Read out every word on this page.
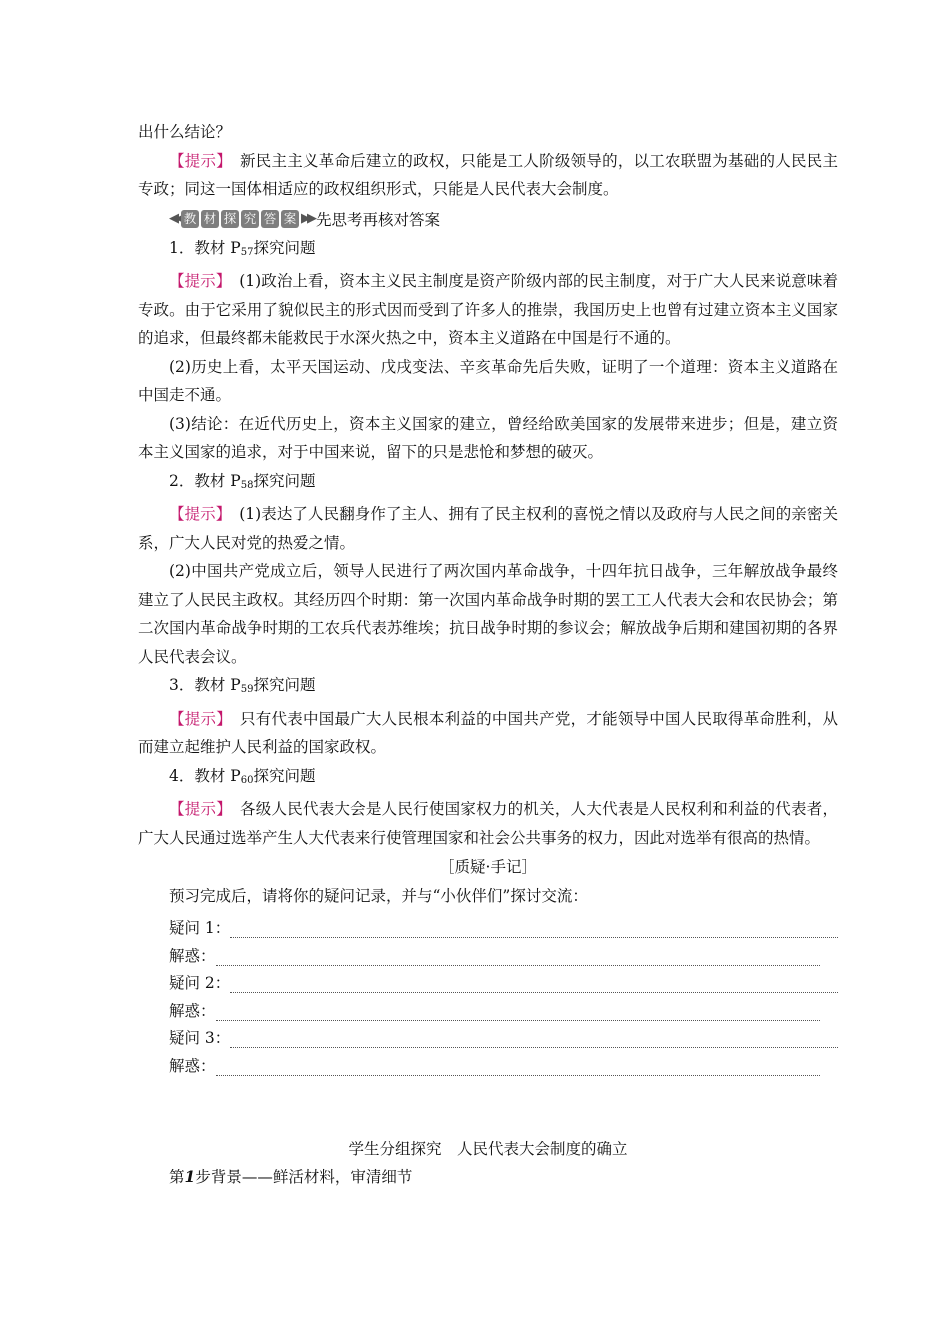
出什么结论？

【提示】　 新民主主义革命后建立的政权，只能是工人阶级领导的，以工农联盟为基础的人民民主专政；同这一国体相适应的政权组织形式，只能是人民代表大会制度。

◀◀ 教 材 探 究 答 案 ▶▶ 先思考再核对答案

1．教材 $P_{57}$探究问题

【提示】　 (1)政治上看，资本主义民主制度是资产阶级内部的民主制度，对于广大人民来说意味着专政。由于它采用了貌似民主的形式因而受到了许多人的推崇，我国历史上也曾有过建立资本主义国家的追求，但最终都未能救民于水深火热之中，资本主义道路在中国是行不通的。

(2)历史上看，太平天国运动、戊戌变法、辛亥革命先后失败，证明了一个道理：资本主义道路在中国走不通。

(3)结论：在近代历史上，资本主义国家的建立，曾经给欧美国家的发展带来进步；但是，建立资本主义国家的追求，对于中国来说，留下的只是悲怆和梦想的破灭。

2．教材 $P_{58}$探究问题

【提示】　 (1)表达了人民翻身作了主人、拥有了民主权利的喜悦之情以及政府与人民之间的亲密关系，广大人民对党的热爱之情。

(2)中国共产党成立后，领导人民进行了两次国内革命战争，十四年抗日战争，三年解放战争最终建立了人民民主政权。其经历四个时期：第一次国内革命战争时期的罢工工人代表大会和农民协会；第二次国内革命战争时期的工农兵代表苏维埃；抗日战争时期的参议会；解放战争后期和建国初期的各界人民代表会议。

3．教材 $P_{59}$探究问题

【提示】　 只有代表中国最广大人民根本利益的中国共产党，才能领导中国人民取得革命胜利，从而建立起维护人民利益的国家政权。

4．教材 $P_{60}$探究问题

【提示】　 各级人民代表大会是人民行使国家权力的机关，人大代表是人民权利和利益的代表者，广大人民通过选举产生人大代表来行使管理国家和社会公共事务的权力，因此对选举有很高的热情。

［质疑·手记］

预习完成后，请将你的疑问记录，并与“小伙伴们”探讨交流：

疑问 1：
解惑：
疑问 2：
解惑：
疑问 3：
解惑：
学生分组探究　人民代表大会制度的确立
第1步背景——鲜活材料，审清细节
